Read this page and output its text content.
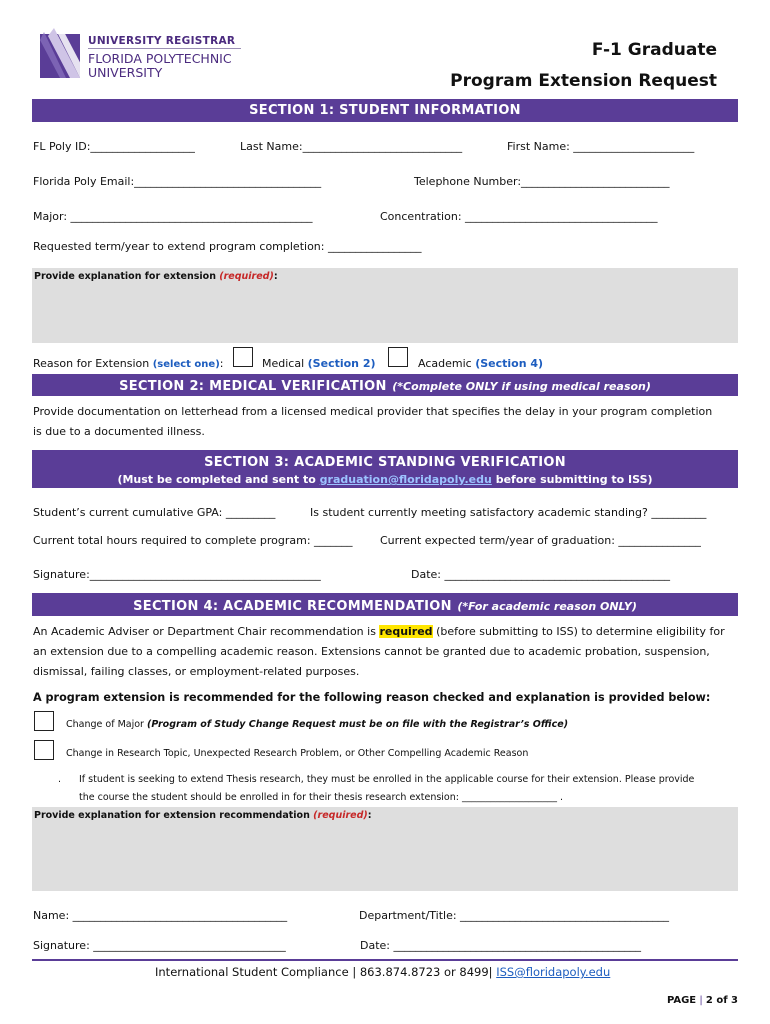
UNIVERSITY REGISTRAR
FLORIDA POLYTECHNIC
UNIVERSITY
F-1 Graduate
Program Extension Request
SECTION 1: STUDENT INFORMATION
FL Poly ID:___________________	Last Name:_____________________________	First Name: ______________________
Florida Poly Email:__________________________________	Telephone Number:___________________________
Major: ____________________________________________	Concentration: ___________________________________
Requested term/year to extend program completion: _________________
Provide explanation for extension (required):
Reason for Extension (select one):	Medical (Section 2)	Academic (Section 4)
SECTION 2: MEDICAL VERIFICATION (*Complete ONLY if using medical reason)
Provide documentation on letterhead from a licensed medical provider that specifies the delay in your program completion
is due to a documented illness.
SECTION 3: ACADEMIC STANDING VERIFICATION
(Must be completed and sent to graduation@floridapoly.edu before submitting to ISS)
Student’s current cumulative GPA: _________	Is student currently meeting satisfactory academic standing? __________
Current total hours required to complete program: _______ Current expected term/year of graduation: _______________
Signature:__________________________________________	Date: _________________________________________
SECTION 4: ACADEMIC RECOMMENDATION (*For academic reason ONLY)
An Academic Adviser or Department Chair recommendation is required (before submitting to ISS) to determine eligibility for
an extension due to a compelling academic reason. Extensions cannot be granted due to academic probation, suspension,
dismissal, failing classes, or employment-related purposes.
A program extension is recommended for the following reason checked and explanation is provided below:
Change of Major (Program of Study Change Request must be on file with the Registrar’s Office)
Change in Research Topic, Unexpected Research Problem, or Other Compelling Academic Reason
. If student is seeking to extend Thesis research, they must be enrolled in the applicable course for their extension. Please provide
the course the student should be enrolled in for their thesis research extension: ____________________ .
Provide explanation for extension recommendation (required):
Name: _______________________________________	Department/Title: ______________________________________
Signature: ___________________________________	Date: _____________________________________________
International Student Compliance | 863.874.8723 or 8499| ISS@floridapoly.edu
PAGE | 2 of 3
